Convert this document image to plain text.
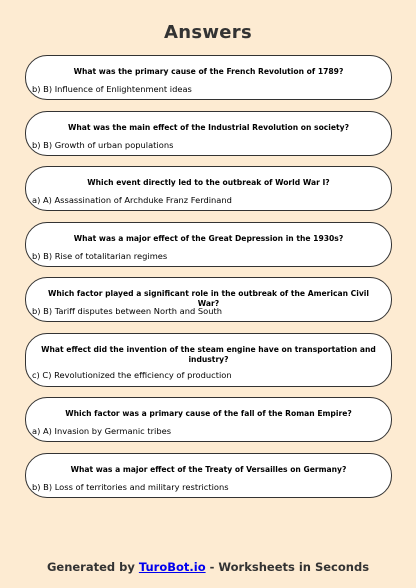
Answers
What was the primary cause of the French Revolution of 1789?
b) B) Influence of Enlightenment ideas
What was the main effect of the Industrial Revolution on society?
b) B) Growth of urban populations
Which event directly led to the outbreak of World War I?
a) A) Assassination of Archduke Franz Ferdinand
What was a major effect of the Great Depression in the 1930s?
b) B) Rise of totalitarian regimes
Which factor played a significant role in the outbreak of the American Civil War?
b) B) Tariff disputes between North and South
What effect did the invention of the steam engine have on transportation and industry?
c) C) Revolutionized the efficiency of production
Which factor was a primary cause of the fall of the Roman Empire?
a) A) Invasion by Germanic tribes
What was a major effect of the Treaty of Versailles on Germany?
b) B) Loss of territories and military restrictions
Generated by TuroBot.io - Worksheets in Seconds
